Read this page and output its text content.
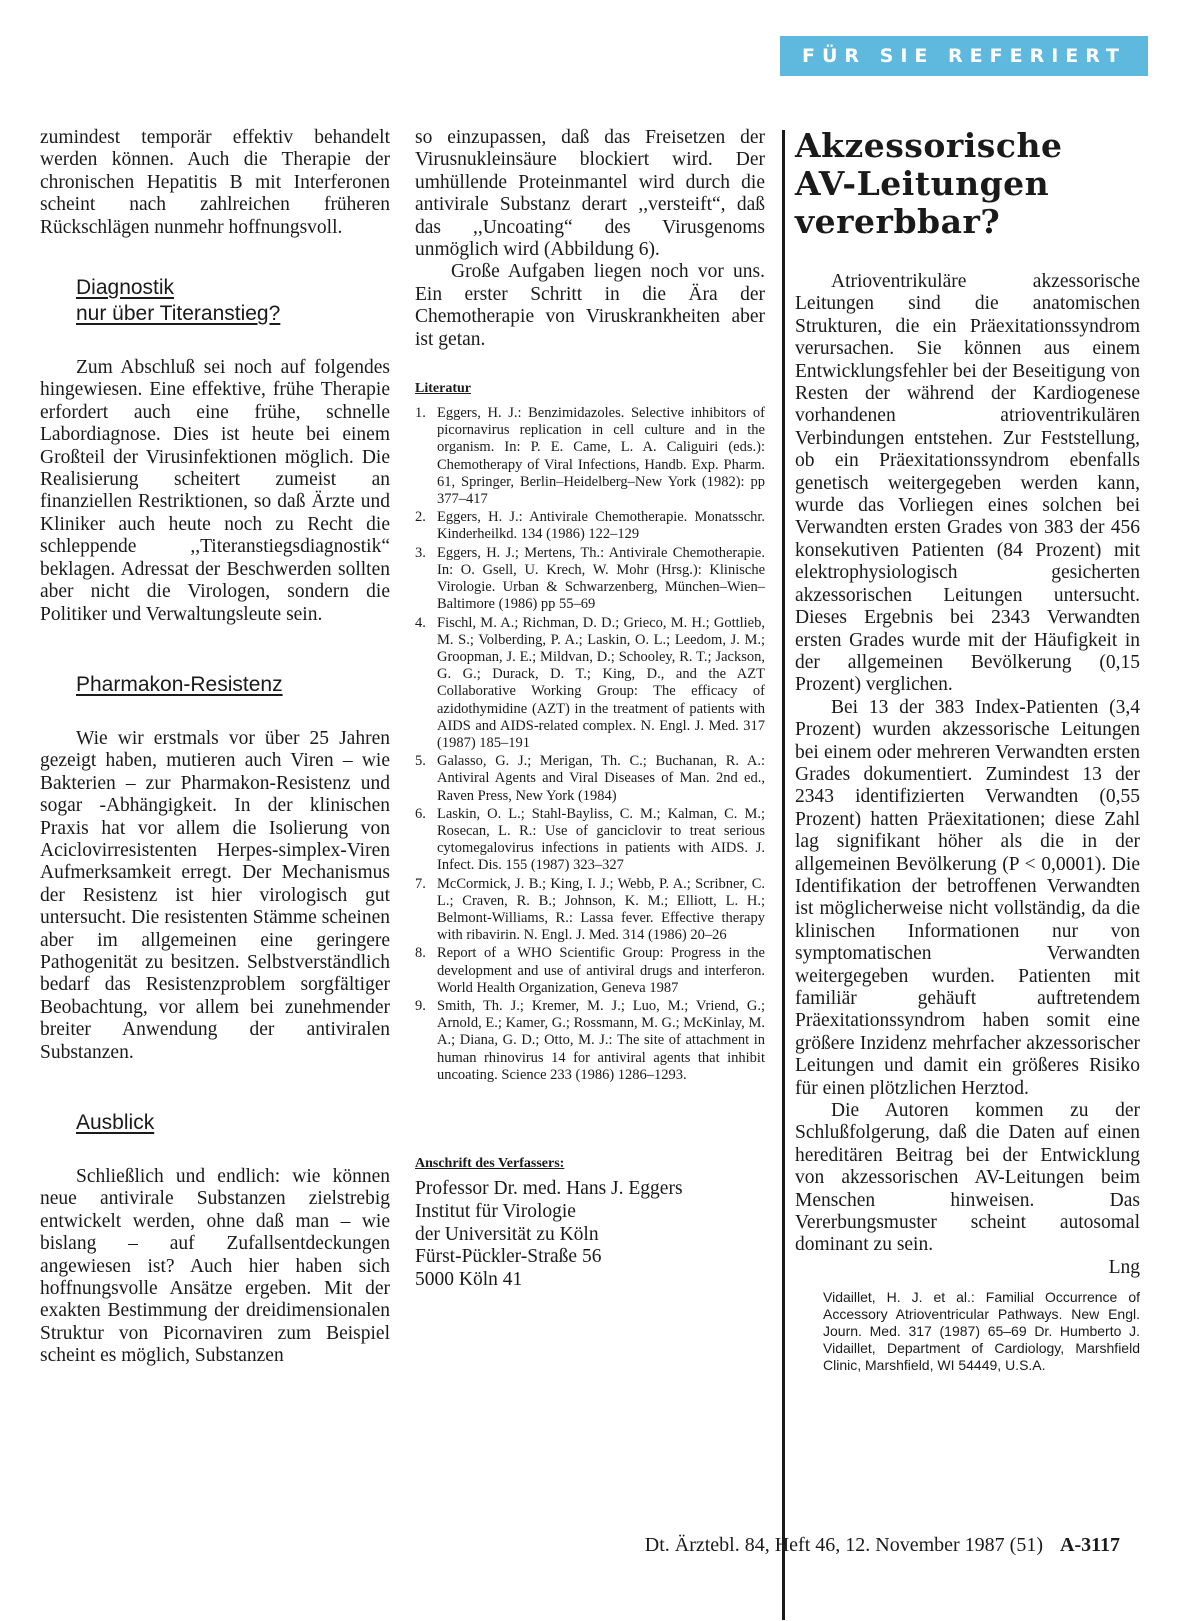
FÜR SIE REFERIERT

zumindest temporär effektiv behandelt werden können. Auch die Therapie der chronischen Hepatitis B mit Interferonen scheint nach zahlreichen früheren Rückschlägen nunmehr hoffnungsvoll.

Diagnostik
nur über Titeranstieg?

Zum Abschluß sei noch auf folgendes hingewiesen. Eine effektive, frühe Therapie erfordert auch eine frühe, schnelle Labordiagnose. Dies ist heute bei einem Großteil der Virusinfektionen möglich. Die Realisierung scheitert zumeist an finanziellen Restriktionen, so daß Ärzte und Kliniker auch heute noch zu Recht die schleppende ,,Titeranstiegsdiagnostik“ beklagen. Adressat der Beschwerden sollten aber nicht die Virologen, sondern die Politiker und Verwaltungsleute sein.

Pharmakon-Resistenz

Wie wir erstmals vor über 25 Jahren gezeigt haben, mutieren auch Viren – wie Bakterien – zur Pharmakon-Resistenz und sogar -Abhängigkeit. In der klinischen Praxis hat vor allem die Isolierung von Aciclovirresistenten Herpes-simplex-Viren Aufmerksamkeit erregt. Der Mechanismus der Resistenz ist hier virologisch gut untersucht. Die resistenten Stämme scheinen aber im allgemeinen eine geringere Pathogenität zu besitzen. Selbstverständlich bedarf das Resistenzproblem sorgfältiger Beobachtung, vor allem bei zunehmender breiter Anwendung der antiviralen Substanzen.

Ausblick

Schließlich und endlich: wie können neue antivirale Substanzen zielstrebig entwickelt werden, ohne daß man – wie bislang – auf Zufallsentdeckungen angewiesen ist? Auch hier haben sich hoffnungsvolle Ansätze ergeben. Mit der exakten Bestimmung der dreidimensionalen Struktur von Picornaviren zum Beispiel scheint es möglich, Substanzen

so einzupassen, daß das Freisetzen der Virusnukleinsäure blockiert wird. Der umhüllende Proteinmantel wird durch die antivirale Substanz derart ,,versteift“, daß das ,,Uncoating“ des Virusgenoms unmöglich wird (Abbildung 6).

Große Aufgaben liegen noch vor uns. Ein erster Schritt in die Ära der Chemotherapie von Viruskrankheiten aber ist getan.

Literatur
1. Eggers, H. J.: Benzimidazoles. Selective inhibitors of picornavirus replication in cell culture and in the organism. In: P. E. Came, L. A. Caliguiri (eds.): Chemotherapy of Viral Infections, Handb. Exp. Pharm. 61, Springer, Berlin–Heidelberg–New York (1982): pp 377–417
2. Eggers, H. J.: Antivirale Chemotherapie. Monatsschr. Kinderheilkd. 134 (1986) 122–129
3. Eggers, H. J.; Mertens, Th.: Antivirale Chemotherapie. In: O. Gsell, U. Krech, W. Mohr (Hrsg.): Klinische Virologie. Urban & Schwarzenberg, München–Wien–Baltimore (1986) pp 55–69
4. Fischl, M. A.; Richman, D. D.; Grieco, M. H.; Gottlieb, M. S.; Volberding, P. A.; Laskin, O. L.; Leedom, J. M.; Groopman, J. E.; Mildvan, D.; Schooley, R. T.; Jackson, G. G.; Durack, D. T.; King, D., and the AZT Collaborative Working Group: The efficacy of azidothymidine (AZT) in the treatment of patients with AIDS and AIDS-related complex. N. Engl. J. Med. 317 (1987) 185–191
5. Galasso, G. J.; Merigan, Th. C.; Buchanan, R. A.: Antiviral Agents and Viral Diseases of Man. 2nd ed., Raven Press, New York (1984)
6. Laskin, O. L.; Stahl-Bayliss, C. M.; Kalman, C. M.; Rosecan, L. R.: Use of ganciclovir to treat serious cytomegalovirus infections in patients with AIDS. J. Infect. Dis. 155 (1987) 323–327
7. McCormick, J. B.; King, I. J.; Webb, P. A.; Scribner, C. L.; Craven, R. B.; Johnson, K. M.; Elliott, L. H.; Belmont-Williams, R.: Lassa fever. Effective therapy with ribavirin. N. Engl. J. Med. 314 (1986) 20–26
8. Report of a WHO Scientific Group: Progress in the development and use of antiviral drugs and interferon. World Health Organization, Geneva 1987
9. Smith, Th. J.; Kremer, M. J.; Luo, M.; Vriend, G.; Arnold, E.; Kamer, G.; Rossmann, M. G.; McKinlay, M. A.; Diana, G. D.; Otto, M. J.: The site of attachment in human rhinovirus 14 for antiviral agents that inhibit uncoating. Science 233 (1986) 1286–1293.
Anschrift des Verfassers:

Professor Dr. med. Hans J. Eggers

Institut für Virologie

der Universität zu Köln

Fürst-Pückler-Straße 56

5000 Köln 41

Akzessorische
AV-Leitungen
vererbbar?

Atrioventrikuläre akzessorische Leitungen sind die anatomischen Strukturen, die ein Präexitationssyndrom verursachen. Sie können aus einem Entwicklungsfehler bei der Beseitigung von Resten der während der Kardiogenese vorhandenen atrioventrikulären Verbindungen entstehen. Zur Feststellung, ob ein Präexitationssyndrom ebenfalls genetisch weitergegeben werden kann, wurde das Vorliegen eines solchen bei Verwandten ersten Grades von 383 der 456 konsekutiven Patienten (84 Prozent) mit elektrophysiologisch gesicherten akzessorischen Leitungen untersucht. Dieses Ergebnis bei 2343 Verwandten ersten Grades wurde mit der Häufigkeit in der allgemeinen Bevölkerung (0,15 Prozent) verglichen.

Bei 13 der 383 Index-Patienten (3,4 Prozent) wurden akzessorische Leitungen bei einem oder mehreren Verwandten ersten Grades dokumentiert. Zumindest 13 der 2343 identifizierten Verwandten (0,55 Prozent) hatten Präexitationen; diese Zahl lag signifikant höher als die in der allgemeinen Bevölkerung (P < 0,0001). Die Identifikation der betroffenen Verwandten ist möglicherweise nicht vollständig, da die klinischen Informationen nur von symptomatischen Verwandten weitergegeben wurden. Patienten mit familiär gehäuft auftretendem Präexitationssyndrom haben somit eine größere Inzidenz mehrfacher akzessorischer Leitungen und damit ein größeres Risiko für einen plötzlichen Herztod.

Die Autoren kommen zu der Schlußfolgerung, daß die Daten auf einen hereditären Beitrag bei der Entwicklung von akzessorischen AV-Leitungen beim Menschen hinweisen. Das Vererbungsmuster scheint autosomal dominant zu sein.

Lng

Vidaillet, H. J. et al.: Familial Occurrence of Accessory Atrioventricular Pathways. New Engl. Journ. Med. 317 (1987) 65–69 Dr. Humberto J. Vidaillet, Department of Cardiology, Marshfield Clinic, Marshfield, WI 54449, U.S.A.

Dt. Ärztebl. 84, Heft 46, 12. November 1987 (51) A-3117
